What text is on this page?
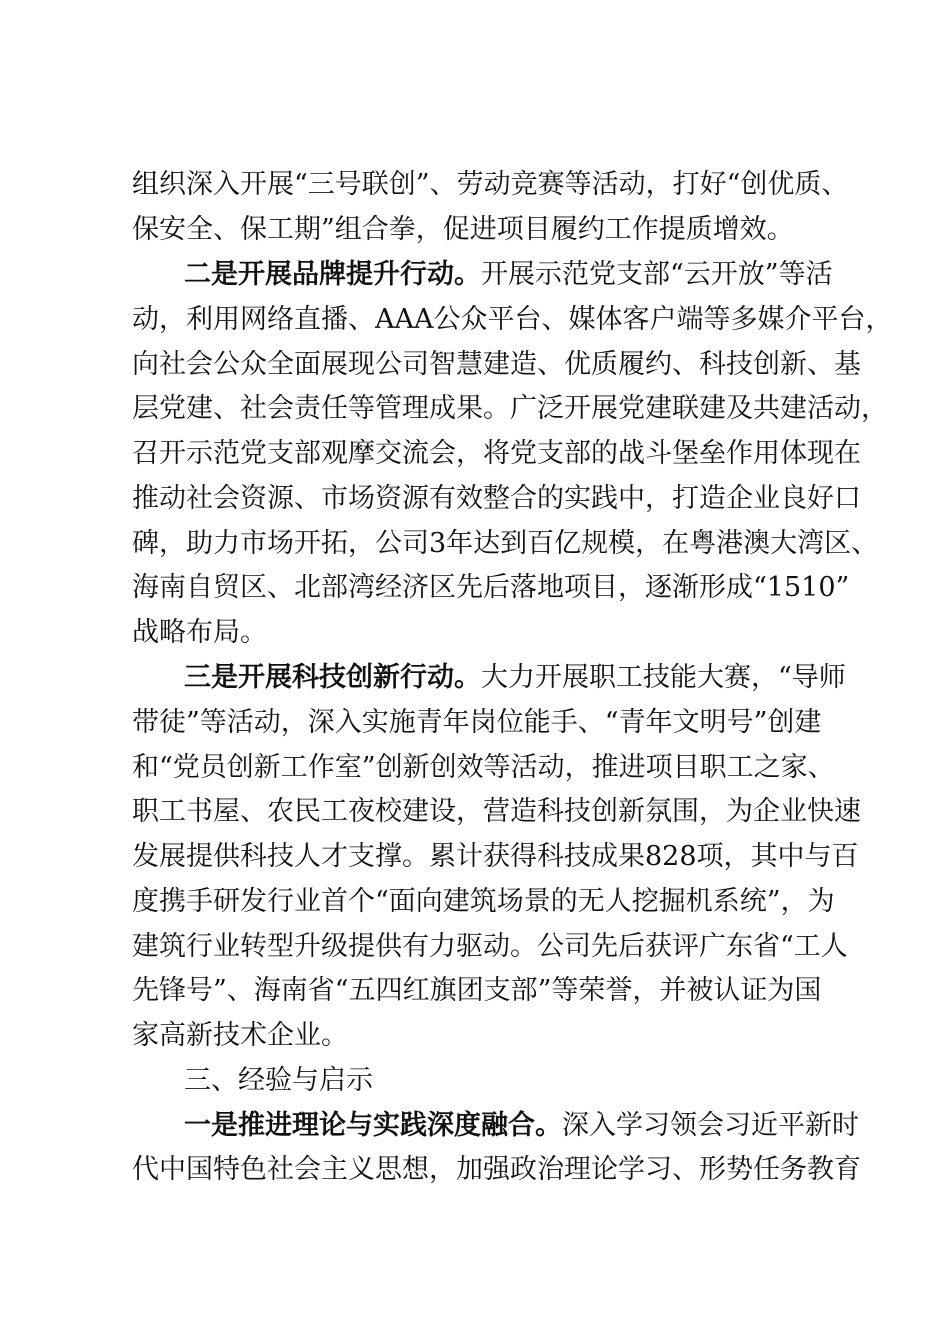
组织深入开展“三号联创”、劳动竞赛等活动，打好“创优质、
保安全、保工期”组合拳，促进项目履约工作提质增效。
二是开展品牌提升行动。开展示范党支部“云开放”等活
动，利用网络直播、AAA公众平台、媒体客户端等多媒介平台，
向社会公众全面展现公司智慧建造、优质履约、科技创新、基
层党建、社会责任等管理成果。广泛开展党建联建及共建活动，
召开示范党支部观摩交流会，将党支部的战斗堡垒作用体现在
推动社会资源、市场资源有效整合的实践中，打造企业良好口
碑，助力市场开拓，公司3年达到百亿规模，在粤港澳大湾区、
海南自贸区、北部湾经济区先后落地项目，逐渐形成“1510”
战略布局。
三是开展科技创新行动。大力开展职工技能大赛，“导师
带徒”等活动，深入实施青年岗位能手、“青年文明号”创建
和“党员创新工作室”创新创效等活动，推进项目职工之家、
职工书屋、农民工夜校建设，营造科技创新氛围，为企业快速
发展提供科技人才支撑。累计获得科技成果828项，其中与百
度携手研发行业首个“面向建筑场景的无人挖掘机系统”，为
建筑行业转型升级提供有力驱动。公司先后获评广东省“工人
先锋号”、海南省“五四红旗团支部”等荣誉，并被认证为国
家高新技术企业。
三、经验与启示
一是推进理论与实践深度融合。深入学习领会习近平新时
代中国特色社会主义思想，加强政治理论学习、形势任务教育
